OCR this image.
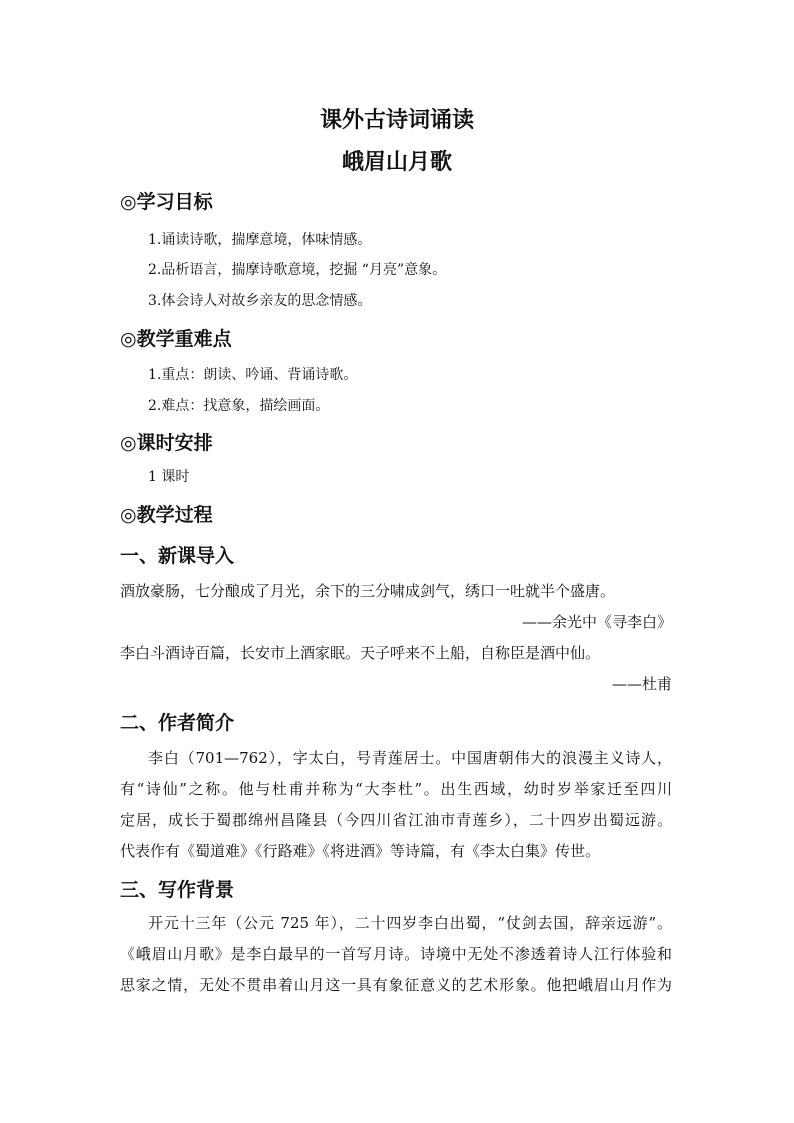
课外古诗词诵读
峨眉山月歌
◎学习目标
1.诵读诗歌，揣摩意境，体味情感。
2.品析语言，揣摩诗歌意境，挖掘 “月亮”意象。
3.体会诗人对故乡亲友的思念情感。
◎教学重难点
1.重点：朗读、吟诵、背诵诗歌。
2.难点：找意象，描绘画面。
◎课时安排
1 课时
◎教学过程
一、新课导入
酒放豪肠，七分酿成了月光，余下的三分啸成剑气，绣口一吐就半个盛唐。
——余光中《寻李白》
李白斗酒诗百篇，长安市上酒家眠。天子呼来不上船，自称臣是酒中仙。
——杜甫
二、作者简介
李白（701—762），字太白，号青莲居士。中国唐朝伟大的浪漫主义诗人，
有“诗仙”之称。他与杜甫并称为“大李杜”。出生西域，幼时岁举家迁至四川
定居，成长于蜀郡绵州昌隆县（今四川省江油市青莲乡），二十四岁出蜀远游。
代表作有《蜀道难》《行路难》《将进酒》等诗篇，有《李太白集》传世。
三、写作背景
开元十三年（公元 725 年），二十四岁李白出蜀，“仗剑去国，辞亲远游”。
《峨眉山月歌》是李白最早的一首写月诗。诗境中无处不渗透着诗人江行体验和
思家之情，无处不贯串着山月这一具有象征意义的艺术形象。他把峨眉山月作为
